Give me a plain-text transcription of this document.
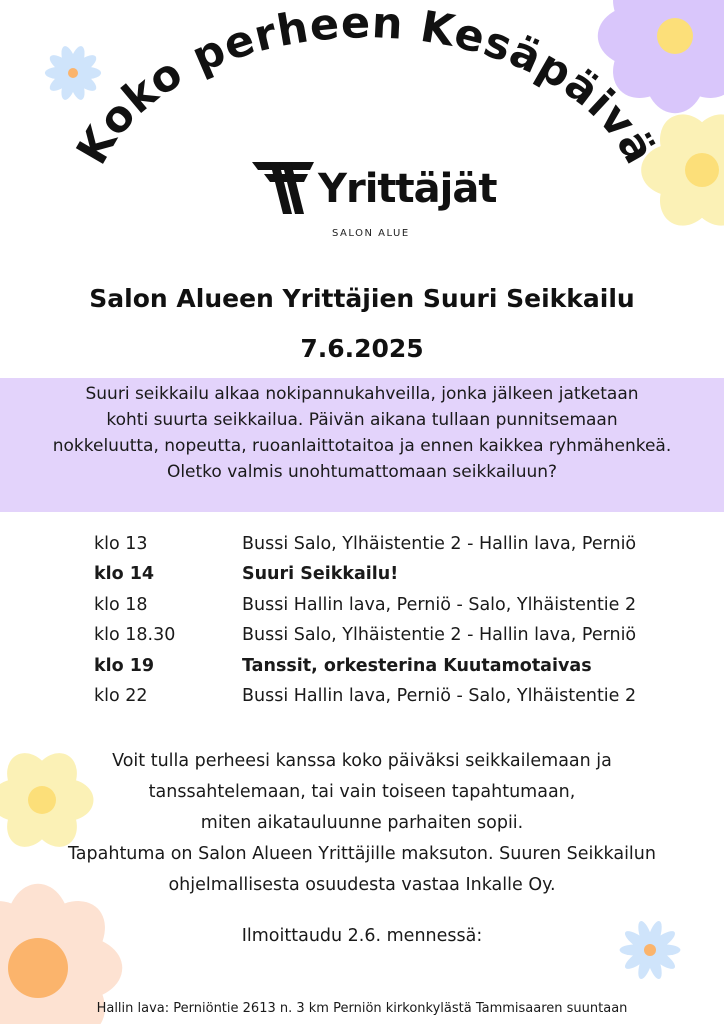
Koko perheen Kesäpäivä
Yrittäjät
SALON ALUE
Salon Alueen Yrittäjien Suuri Seikkailu
7.6.2025

Suuri seikkailu alkaa nokipannukahveilla, jonka jälkeen jatketaan
kohti suurta seikkailua. Päivän aikana tullaan punnitsemaan
nokkeluutta, nopeutta, ruoanlaittotaitoa ja ennen kaikkea ryhmähenkeä.
Oletko valmis unohtumattomaan seikkailuun?

klo 13	Bussi Salo, Ylhäistentie 2 - Hallin lava, Perniö
klo 14	Suuri Seikkailu!
klo 18	Bussi Hallin lava, Perniö - Salo, Ylhäistentie 2
klo 18.30	Bussi Salo, Ylhäistentie 2 - Hallin lava, Perniö
klo 19	Tanssit, orkesterina Kuutamotaivas
klo 22	Bussi Hallin lava, Perniö - Salo, Ylhäistentie 2

Voit tulla perheesi kanssa koko päiväksi seikkailemaan ja
tanssahtelemaan, tai vain toiseen tapahtumaan,
miten aikatauluunne parhaiten sopii.
Tapahtuma on Salon Alueen Yrittäjille maksuton. Suuren Seikkailun
ohjelmallisesta osuudesta vastaa Inkalle Oy.

Ilmoittaudu 2.6. mennessä:
Hallin lava: Perniöntie 2613 n. 3 km Perniön kirkonkylästä Tammisaaren suuntaan
